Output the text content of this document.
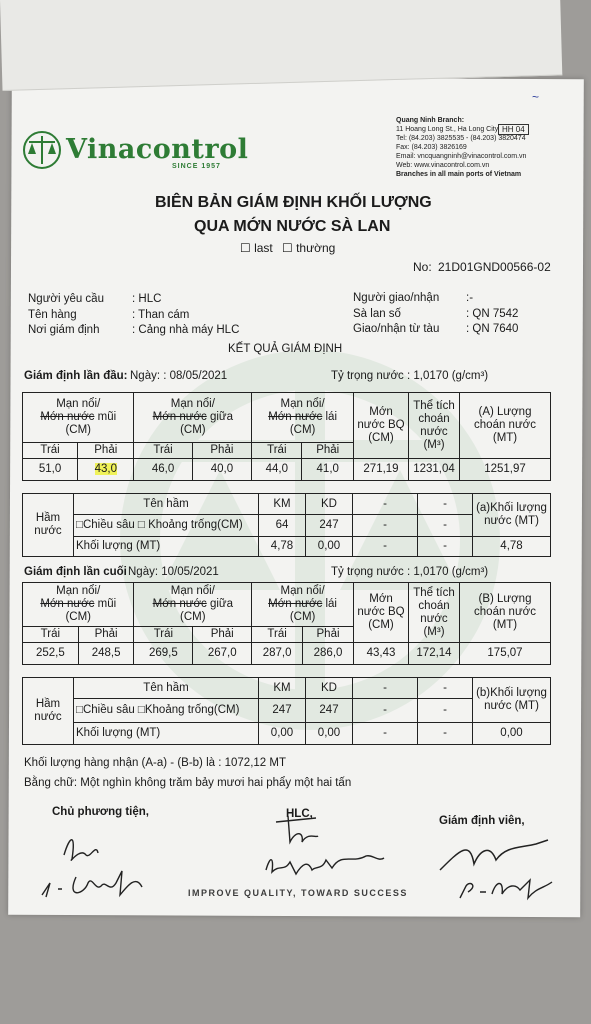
Vinacontrol
SINCE 1957
Quang Ninh Branch:
11 Hoang Long St., Ha Long City
Tel: (84.203) 3825535 - (84.203) 3820474
Fax: (84.203) 3826169
Email: vncquangninh@vinacontrol.com.vn
Web: www.vinacontrol.com.vn
Branches in all main ports of Vietnam
HH 04
~
BIÊN BẢN GIÁM ĐỊNH KHỐI LƯỢNG
QUA MỚN NƯỚC SÀ LAN
☐ last ☐ thường
No: 21D01GND00566-02
Người yêu cầu : HLC
Tên hàng	: Than cám
Nơi giám định	: Cảng nhà máy HLC
Người giao/nhận :-
Sà lan số	: QN 7542
Giao/nhận từ tàu : QN 7640
KẾT QUẢ GIÁM ĐỊNH
Giám định lần đầu: Ngày: : 08/05/2021	Tỷ trọng nước : 1,0170 (g/cm³)
Mạn nổi/
Mớn nước mũi
(CM)		Mạn nổi/
Mớn nước giữa
(CM)		Mạn nổi/
Mớn nước lái
(CM)		Mớn nước BQ (CM)	Thể tích choán nước (M³)	(A) Lượng choán nước (MT)
Trái	Phải	Trái	Phải	Trái	Phải			
51,0	43,0	46,0	40,0	44,0	41,0	271,19	1231,04	1251,97
Hầm nước	Tên hầm	KM	KD	-	-	(a)Khối lượng nước (MT)
	□Chiều sâu □ Khoảng trống(CM)	64	247	-	-	
	Khối lượng (MT)	4,78	0,00	-	-	4,78
Giám định lần cuối Ngày: 10/05/2021	Tỷ trọng nước : 1,0170 (g/cm³)
Mạn nổi/
Mớn nước mũi
(CM)		Mạn nổi/
Mớn nước giữa
(CM)		Mạn nổi/
Mớn nước lái
(CM)		Mớn nước BQ (CM)	Thể tích choán nước (M³)	(B) Lượng choán nước (MT)
Trái	Phải	Trái	Phải	Trái	Phải			
252,5	248,5	269,5	267,0	287,0	286,0	43,43	172,14	175,07
Hầm nước	Tên hầm	KM	KD	-	-	(b)Khối lượng nước (MT)
	□Chiều sâu □Khoảng trống(CM)	247	247	-	-	
	Khối lượng (MT)	0,00	0,00	-	-	0,00
Khối lượng hàng nhận (A-a) - (B-b) là : 1072,12 MT
Bằng chữ: Một nghìn không trăm bảy mươi hai phẩy một hai tấn
Chủ phương tiện,	HLC,
Giám định viên,
IMPROVE QUALITY, TOWARD SUCCESS
